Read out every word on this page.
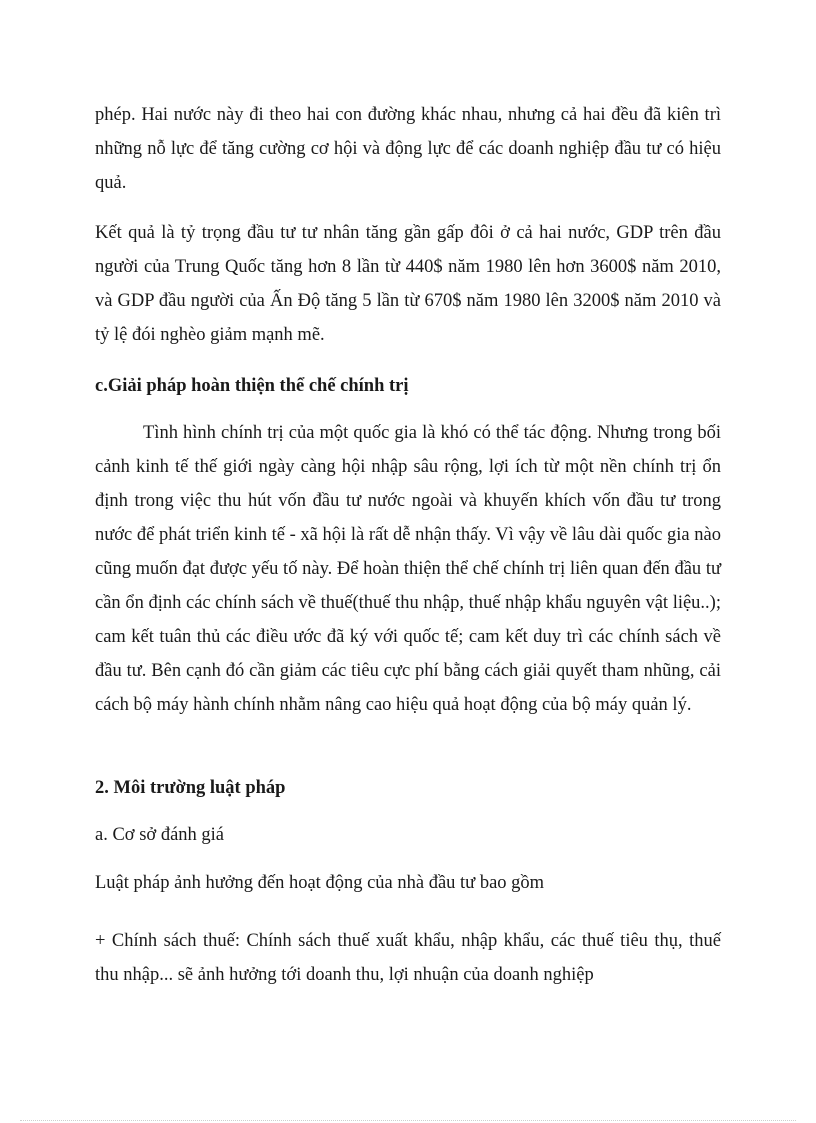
phép. Hai nước này đi theo hai con đường khác nhau, nhưng cả hai đều đã kiên trì những nỗ lực để tăng cường cơ hội và động lực để các doanh nghiệp đầu tư có hiệu quả.

Kết quả là tỷ trọng đầu tư tư nhân tăng gần gấp đôi ở cả hai nước, GDP trên đầu người của Trung Quốc tăng hơn 8 lần từ 440$ năm 1980 lên hơn 3600$ năm 2010, và GDP đầu người của Ấn Độ tăng 5 lần từ 670$ năm 1980 lên 3200$ năm 2010 và tỷ lệ đói nghèo giảm mạnh mẽ.

c.Giải pháp hoàn thiện thể chế chính trị

Tình hình chính trị của một quốc gia là khó có thể tác động. Nhưng trong bối cảnh kinh tế thế giới ngày càng hội nhập sâu rộng, lợi ích từ một nền chính trị ổn định trong việc thu hút vốn đầu tư nước ngoài và khuyến khích vốn đầu tư trong nước để phát triển kinh tế - xã hội là rất dễ nhận thấy. Vì vậy về lâu dài quốc gia nào cũng muốn đạt được yếu tố này. Để hoàn thiện thể chế chính trị liên quan đến đầu tư cần ổn định các chính sách về thuế(thuế thu nhập, thuế nhập khẩu nguyên vật liệu..); cam kết tuân thủ các điều ước đã ký với quốc tế; cam kết duy trì các chính sách về đầu tư. Bên cạnh đó cần giảm các tiêu cực phí bằng cách giải quyết tham nhũng, cải cách bộ máy hành chính nhằm nâng cao hiệu quả hoạt động của bộ máy quản lý.

2. Môi trường luật pháp

a. Cơ sở đánh giá

Luật pháp ảnh hưởng đến hoạt động của nhà đầu tư bao gồm

+ Chính sách thuế: Chính sách thuế xuất khẩu, nhập khẩu, các thuế tiêu thụ, thuế thu nhập... sẽ ảnh hưởng tới doanh thu, lợi nhuận của doanh nghiệp
